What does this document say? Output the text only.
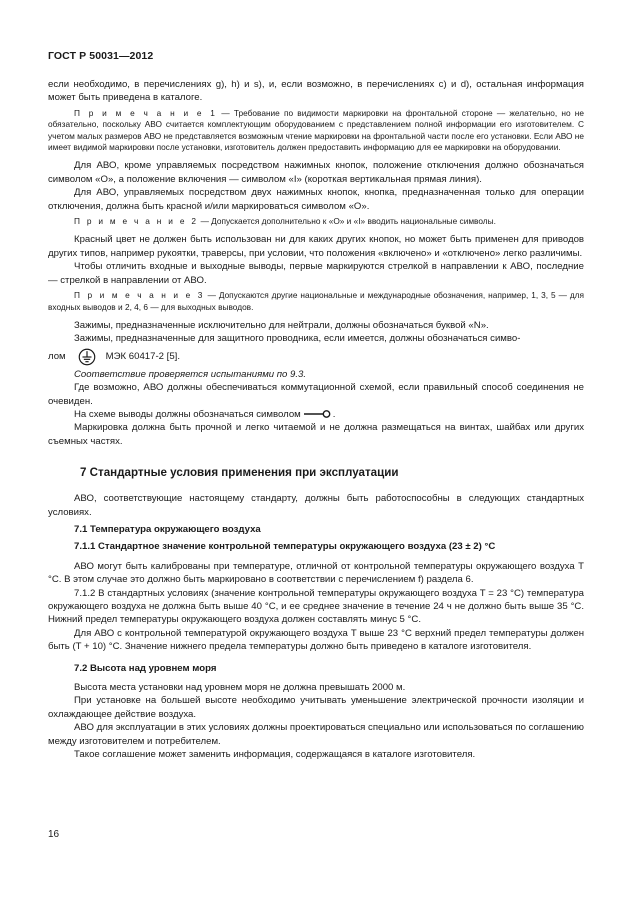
ГОСТ Р 50031—2012

если необходимо, в перечислениях g), h) и s), и, если возможно, в перечислениях c) и d), остальная информация может быть приведена в каталоге.

П р и м е ч а н и е 1 — Требование по видимости маркировки на фронтальной стороне — желательно, но не обязательно, поскольку АВО считается комплектующим оборудованием с представлением полной информации его изготовителем. С учетом малых размеров АВО не представляется возможным чтение маркировки на фронтальной части после его установки. Если АВО не имеет видимой маркировки после установки, изготовитель должен предоставить информацию для ее маркировки на оборудовании.

Для АВО, кроме управляемых посредством нажимных кнопок, положение отключения должно обозначаться символом «О», а положение включения — символом «I» (короткая вертикальная прямая линия).

Для АВО, управляемых посредством двух нажимных кнопок, кнопка, предназначенная только для операции отключения, должна быть красной и/или маркироваться символом «О».

П р и м е ч а н и е 2 — Допускается дополнительно к «О» и «I» вводить национальные символы.

Красный цвет не должен быть использован ни для каких других кнопок, но может быть применен для приводов других типов, например рукоятки, траверсы, при условии, что положения «включено» и «отключено» легко различимы.

Чтобы отличить входные и выходные выводы, первые маркируются стрелкой в направлении к АВО, последние — стрелкой в направлении от АВО.

П р и м е ч а н и е 3 — Допускаются другие национальные и международные обозначения, например, 1, 3, 5 — для входных выводов и 2, 4, 6 — для выходных выводов.

Зажимы, предназначенные исключительно для нейтрали, должны обозначаться буквой «N».

Зажимы, предназначенные для защитного проводника, если имеется, должны обозначаться симво-

лом	МЭК 60417-2 [5].

Соответствие проверяется испытаниями по 9.3.

Где возможно, АВО должны обеспечиваться коммутационной схемой, если правильный способ соединения не очевиден.

На схеме выводы должны обозначаться символом	.

Маркировка должна быть прочной и легко читаемой и не должна размещаться на винтах, шайбах или других съемных частях.

7 Стандартные условия применения при эксплуатации

АВО, соответствующие настоящему стандарту, должны быть работоспособны в следующих стандартных условиях.

7.1 Температура окружающего воздуха
7.1.1 Стандартное значение контрольной температуры окружающего воздуха (23 ± 2) °С

АВО могут быть калиброваны при температуре, отличной от контрольной температуры окружающего воздуха T °С. В этом случае это должно быть маркировано в соответствии с перечислением f) раздела 6.

7.1.2 В стандартных условиях (значение контрольной температуры окружающего воздуха T = 23 °С) температура окружающего воздуха не должна быть выше 40 °С, и ее среднее значение в течение 24 ч не должно быть выше 35 °С. Нижний предел температуры окружающего воздуха должен составлять минус 5 °С.

Для АВО с контрольной температурой окружающего воздуха T выше 23 °С верхний предел температуры должен быть (T + 10) °С. Значение нижнего предела температуры должно быть приведено в каталоге изготовителя.

7.2 Высота над уровнем моря

Высота места установки над уровнем моря не должна превышать 2000 м.

При установке на большей высоте необходимо учитывать уменьшение электрической прочности изоляции и охлаждающее действие воздуха.

АВО для эксплуатации в этих условиях должны проектироваться специально или использоваться по соглашению между изготовителем и потребителем.

Такое соглашение может заменить информация, содержащаяся в каталоге изготовителя.

16
